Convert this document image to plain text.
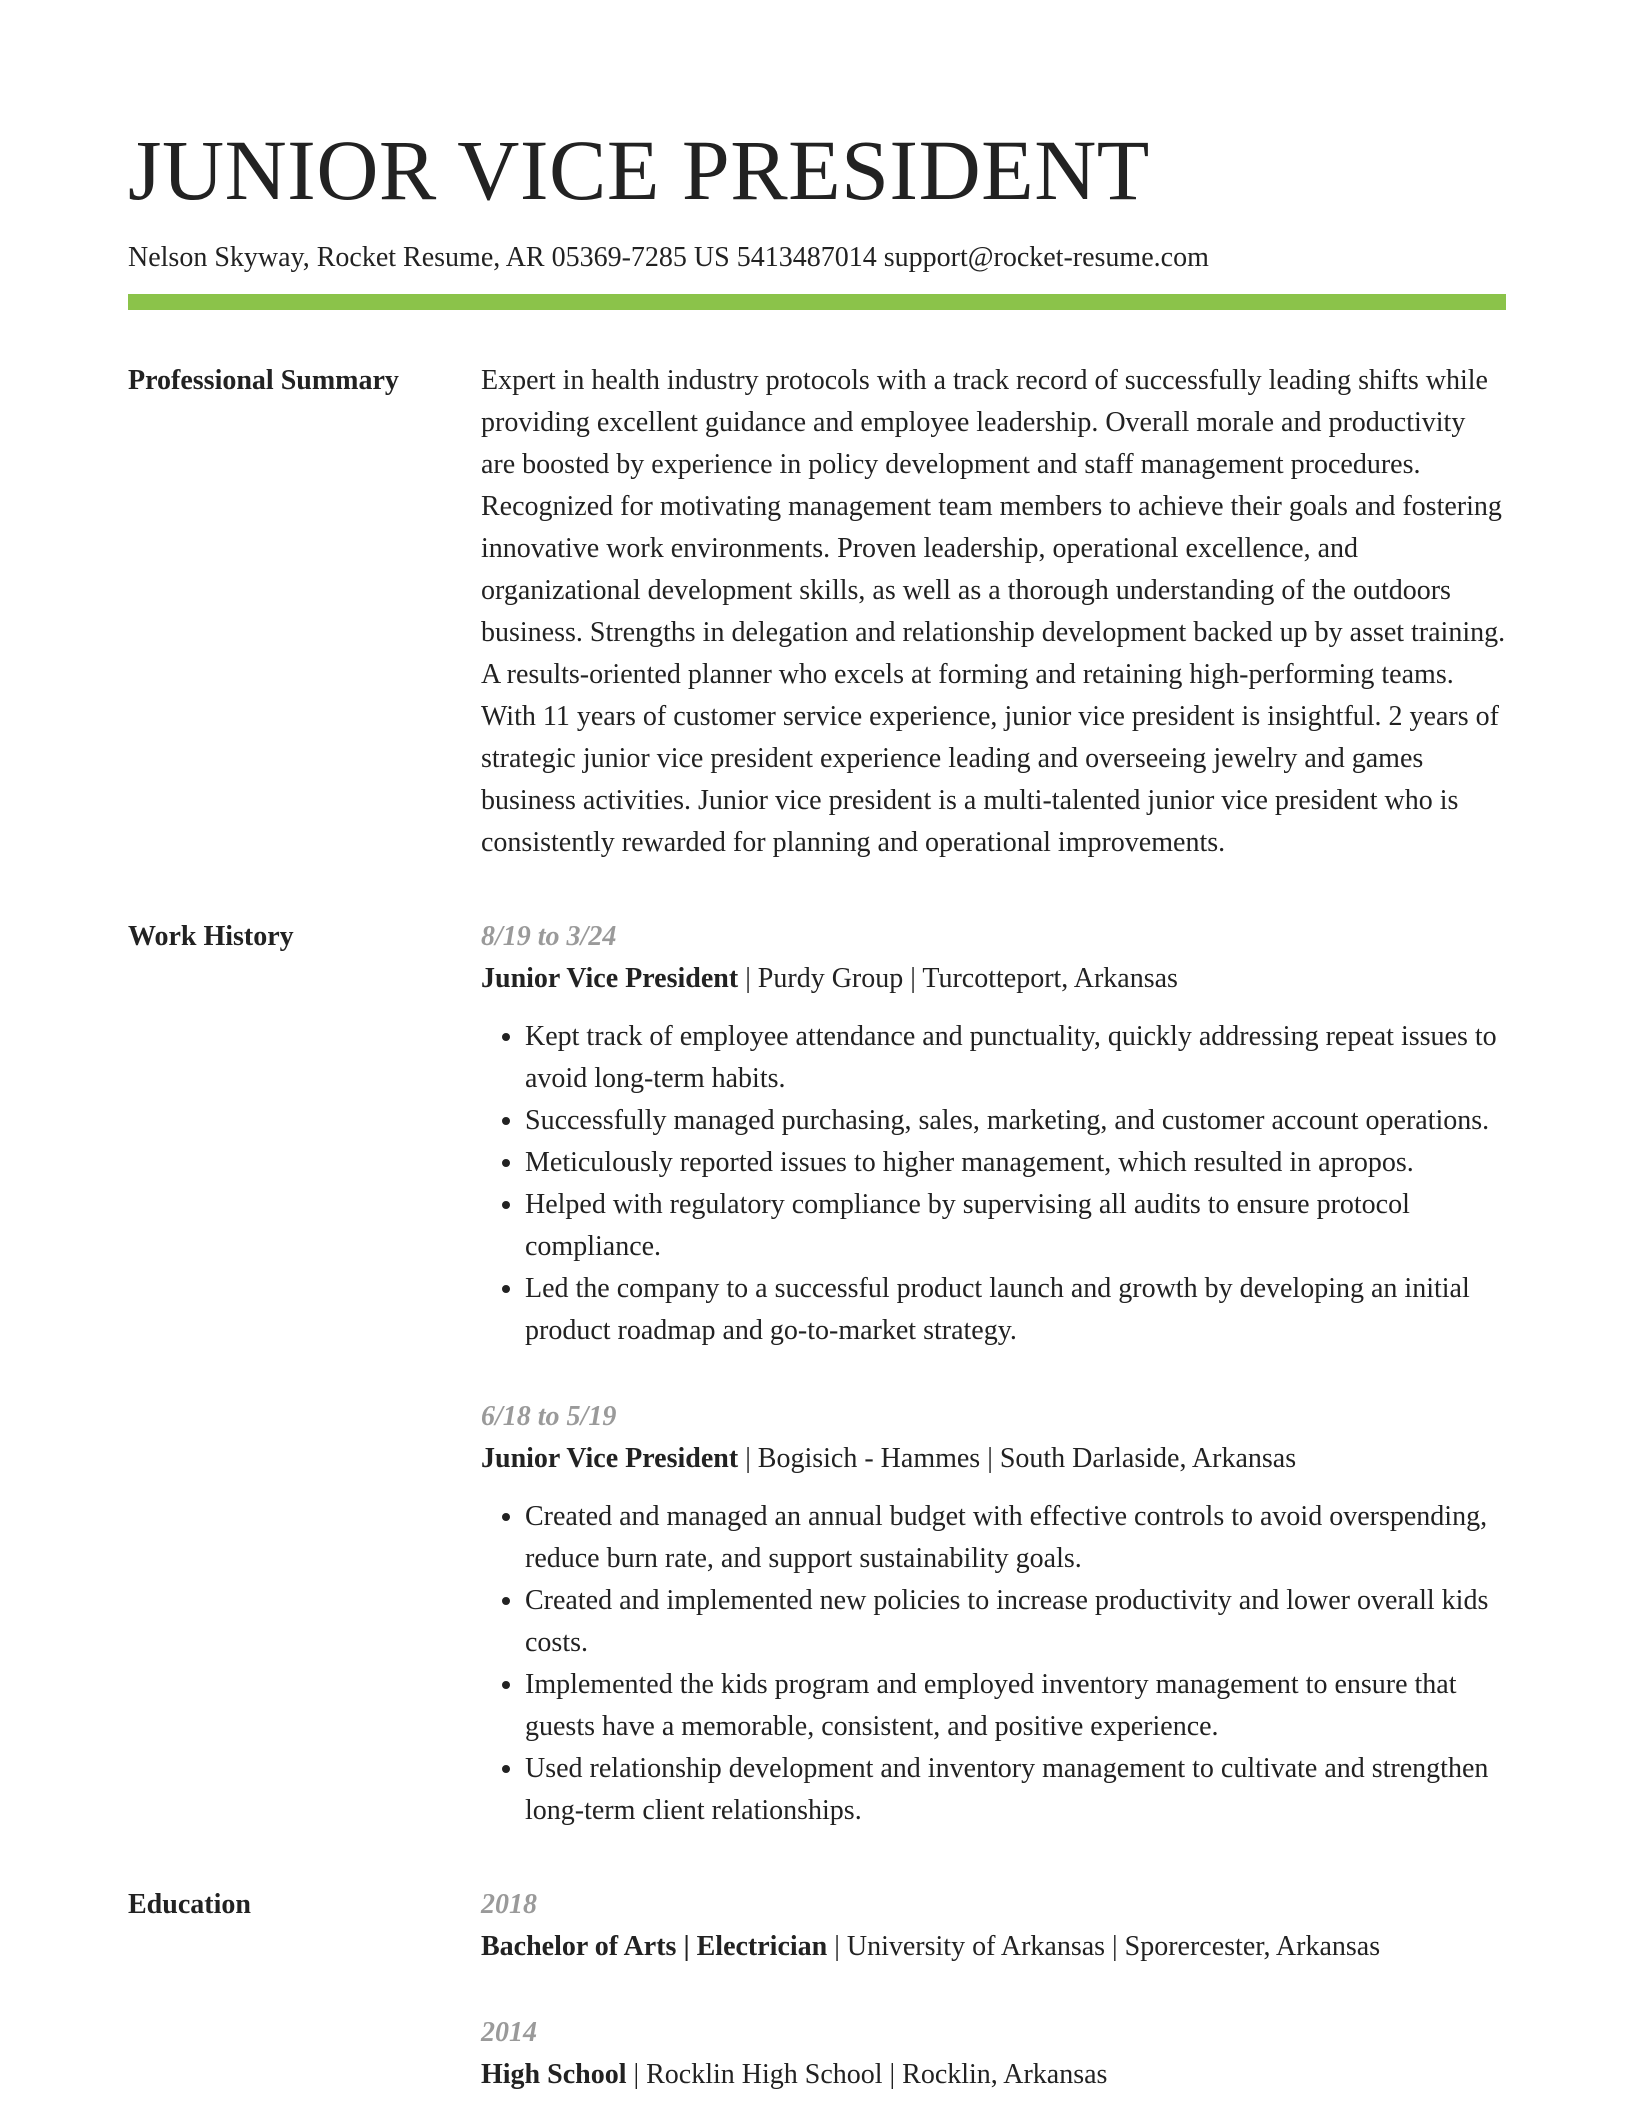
JUNIOR VICE PRESIDENT
Nelson Skyway, Rocket Resume, AR 05369-7285 US 5413487014 support@rocket-resume.com
Professional Summary	Expert in health industry protocols with a track record of successfully leading shifts while providing excellent guidance and employee leadership. Overall morale and productivity are boosted by experience in policy development and staff management procedures. Recognized for motivating management team members to achieve their goals and fostering innovative work environments. Proven leadership, operational excellence, and organizational development skills, as well as a thorough understanding of the outdoors business. Strengths in delegation and relationship development backed up by asset training. A results-oriented planner who excels at forming and retaining high-performing teams. With 11 years of customer service experience, junior vice president is insightful. 2 years of strategic junior vice president experience leading and overseeing jewelry and games business activities. Junior vice president is a multi-talented junior vice president who is consistently rewarded for planning and operational improvements.

Work History	8/19 to 3/24
Junior Vice President | Purdy Group | Turcotteport, Arkansas
• Kept track of employee attendance and punctuality, quickly addressing repeat issues to avoid long-term habits.
• Successfully managed purchasing, sales, marketing, and customer account operations.
• Meticulously reported issues to higher management, which resulted in apropos.
• Helped with regulatory compliance by supervising all audits to ensure protocol compliance.
• Led the company to a successful product launch and growth by developing an initial product roadmap and go-to-market strategy.
6/18 to 5/19
Junior Vice President | Bogisich - Hammes | South Darlaside, Arkansas
• Created and managed an annual budget with effective controls to avoid overspending, reduce burn rate, and support sustainability goals.
• Created and implemented new policies to increase productivity and lower overall kids costs.
• Implemented the kids program and employed inventory management to ensure that guests have a memorable, consistent, and positive experience.
• Used relationship development and inventory management to cultivate and strengthen long-term client relationships.
Education	2018
Bachelor of Arts | Electrician | University of Arkansas | Sporercester, Arkansas
2014
High School | Rocklin High School | Rocklin, Arkansas
